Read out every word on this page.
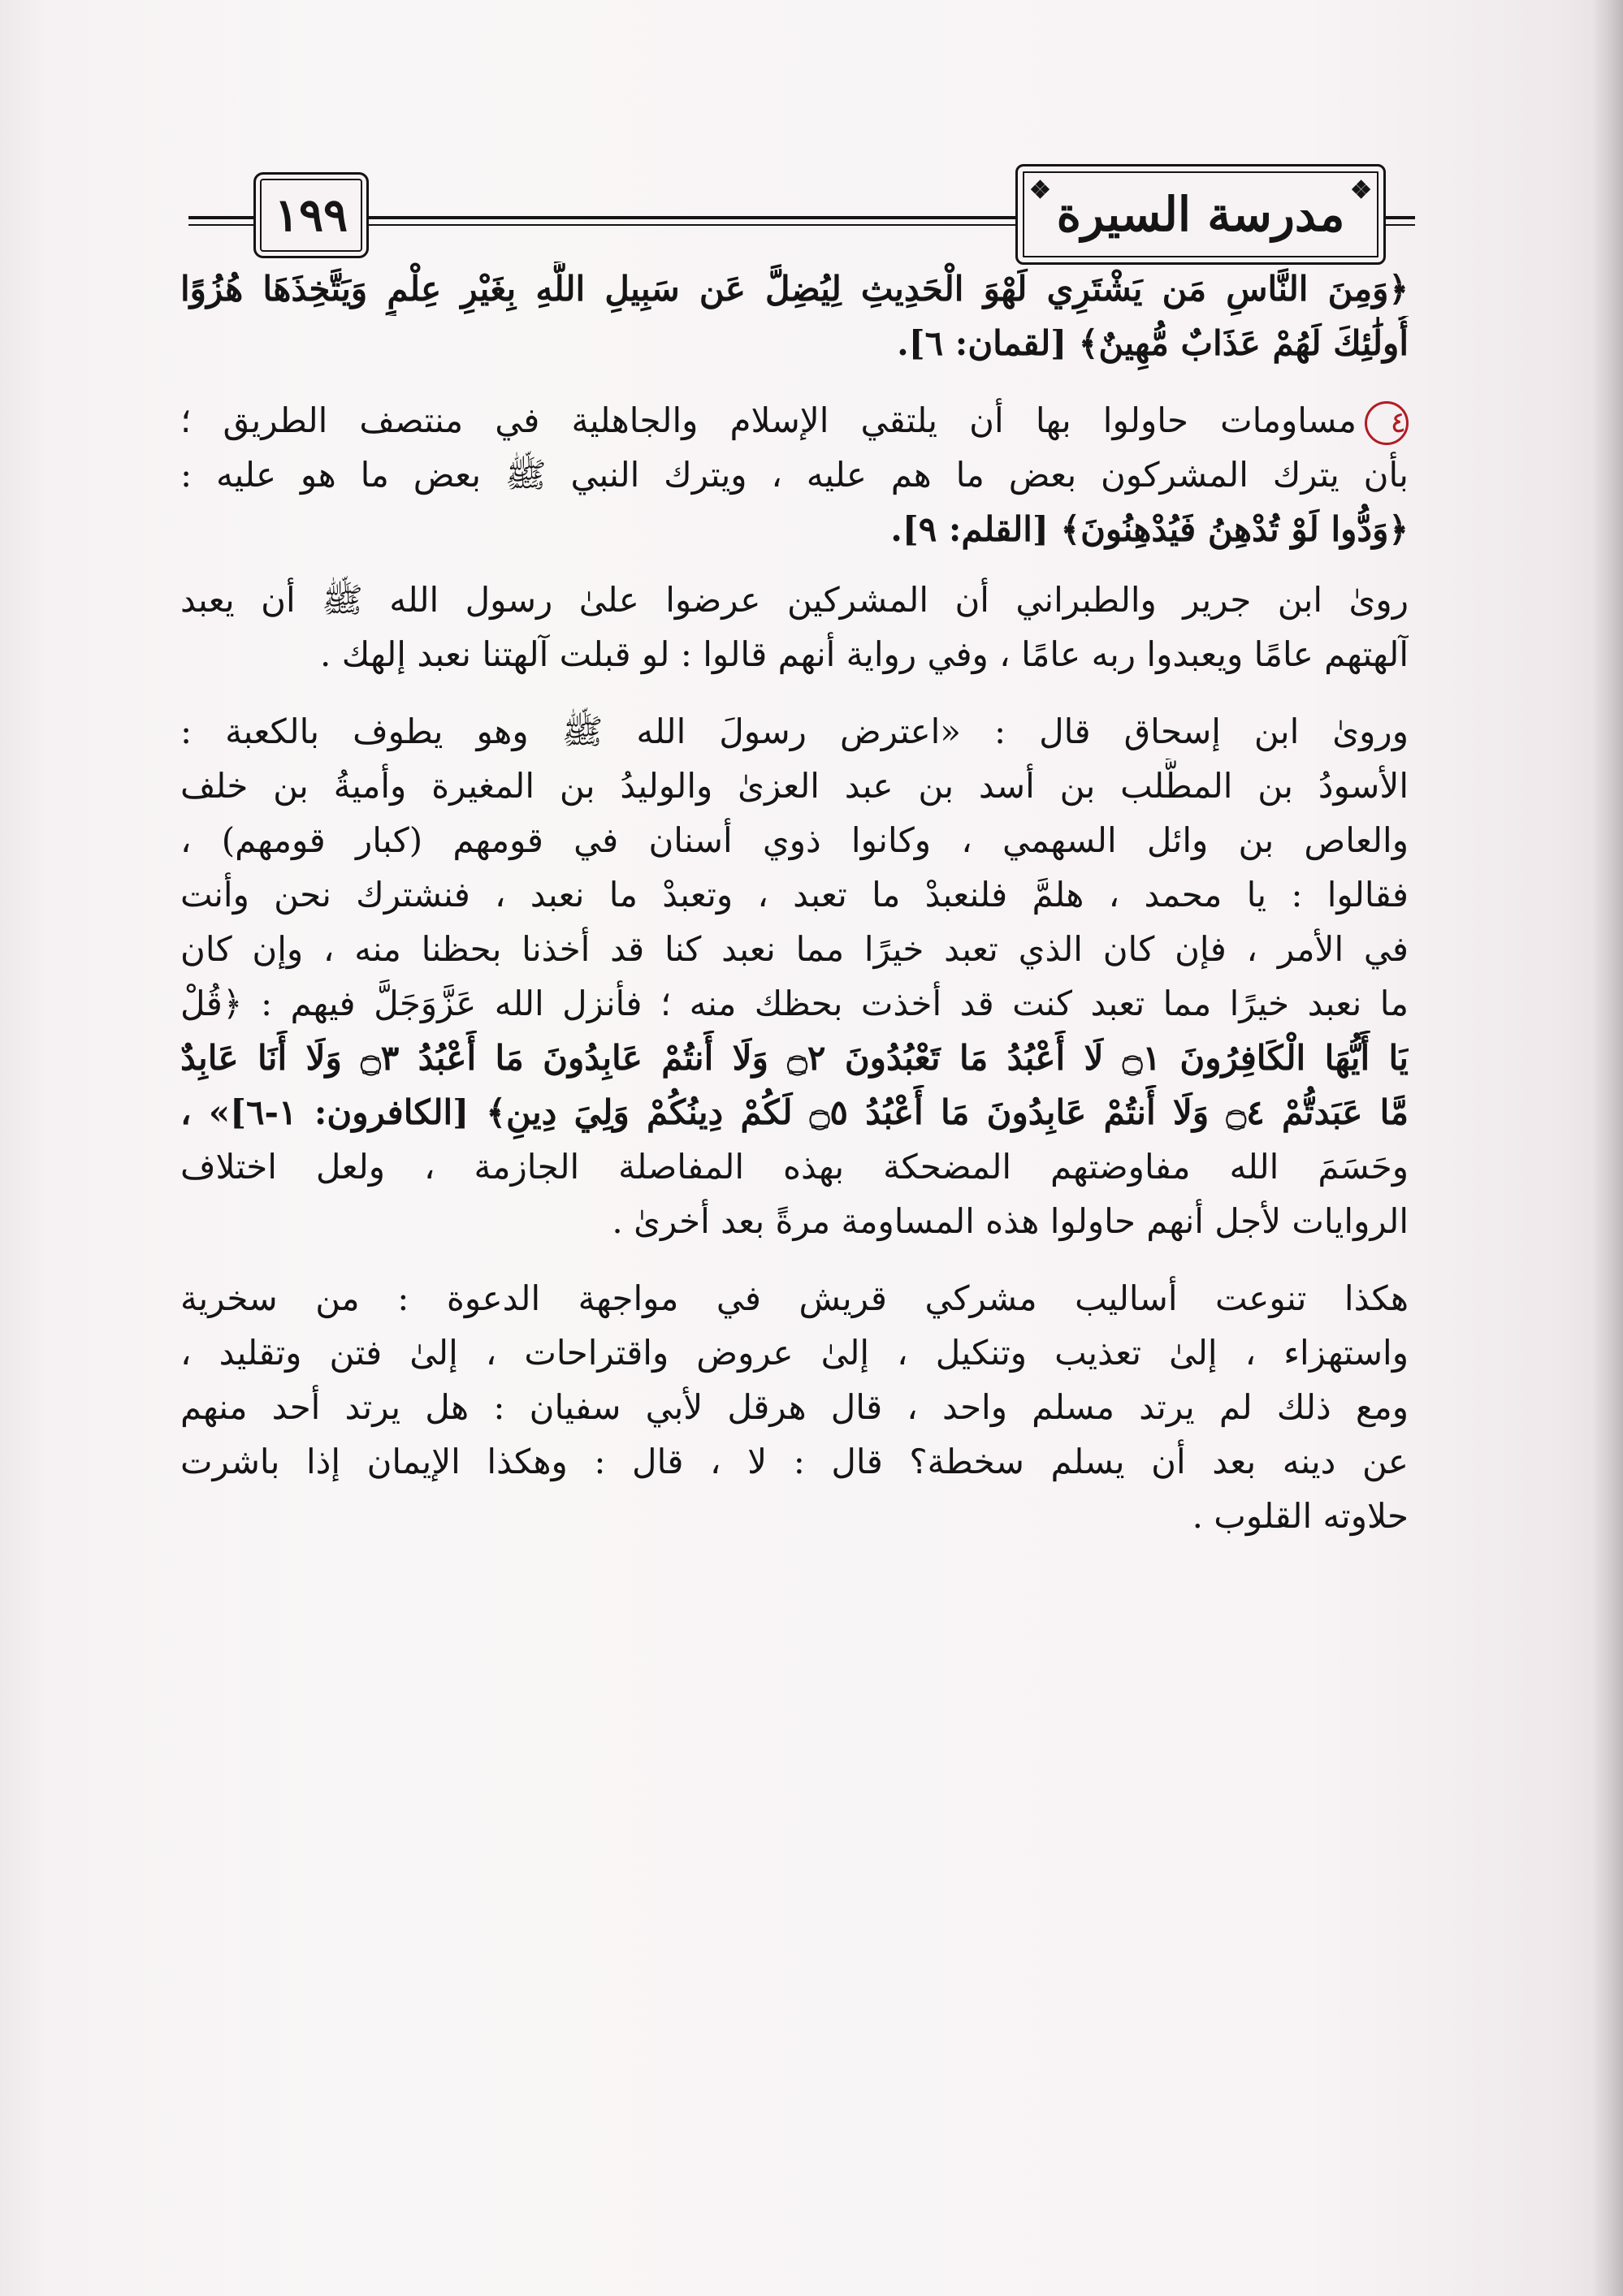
١٩٩	❖
مدرسة السيرة
❖

﴿وَمِنَ النَّاسِ مَن يَشْتَرِي لَهْوَ الْحَدِيثِ لِيُضِلَّ عَن سَبِيلِ اللَّهِ بِغَيْرِ عِلْمٍ وَيَتَّخِذَهَا هُزُوًا

أُولَٰئِكَ لَهُمْ عَذَابٌ مُّهِينٌ﴾ [لقمان: ٦].

٤مساومات حاولوا بها أن يلتقي الإسلام والجاهلية في منتصف الطريق ؛

بأن يترك المشركون بعض ما هم عليه ، ويترك النبي ﷺ بعض ما هو عليه :

﴿وَدُّوا لَوْ تُدْهِنُ فَيُدْهِنُونَ﴾ [القلم: ٩].

روىٰ ابن جرير والطبراني أن المشركين عرضوا علىٰ رسول الله ﷺ أن يعبد

آلهتهم عامًا ويعبدوا ربه عامًا ، وفي رواية أنهم قالوا : لو قبلت آلهتنا نعبد إلهك .

وروىٰ ابن إسحاق قال : «اعترض رسولَ الله ﷺ وهو يطوف بالكعبة :

الأسودُ بن المطَّلب بن أسد بن عبد العزىٰ والوليدُ بن المغيرة وأميةُ بن خلف

والعاص بن وائل السهمي ، وكانوا ذوي أسنان في قومهم (كبار قومهم) ،

فقالوا : يا محمد ، هلمَّ فلنعبدْ ما تعبد ، وتعبدْ ما نعبد ، فنشترك نحن وأنت

في الأمر ، فإن كان الذي تعبد خيرًا مما نعبد كنا قد أخذنا بحظنا منه ، وإن كان

ما نعبد خيرًا مما تعبد كنت قد أخذت بحظك منه ؛ فأنزل الله عَزَّوَجَلَّ فيهم : ﴿قُلْ

يَا أَيُّهَا الْكَافِرُونَ ۝١ لَا أَعْبُدُ مَا تَعْبُدُونَ ۝٢ وَلَا أَنتُمْ عَابِدُونَ مَا أَعْبُدُ ۝٣ وَلَا أَنَا عَابِدٌ

مَّا عَبَدتُّمْ ۝٤ وَلَا أَنتُمْ عَابِدُونَ مَا أَعْبُدُ ۝٥ لَكُمْ دِينُكُمْ وَلِيَ دِينِ﴾ [الكافرون: ١-٦]» ،

وحَسَمَ الله مفاوضتهم المضحكة بهذه المفاصلة الجازمة ، ولعل اختلاف

الروايات لأجل أنهم حاولوا هذه المساومة مرةً بعد أخرىٰ .

هكذا تنوعت أساليب مشركي قريش في مواجهة الدعوة : من سخرية

واستهزاء ، إلىٰ تعذيب وتنكيل ، إلىٰ عروض واقتراحات ، إلىٰ فتن وتقليد ،

ومع ذلك لم يرتد مسلم واحد ، قال هرقل لأبي سفيان : هل يرتد أحد منهم

عن دينه بعد أن يسلم سخطة؟ قال : لا ، قال : وهكذا الإيمان إذا باشرت

حلاوته القلوب .
